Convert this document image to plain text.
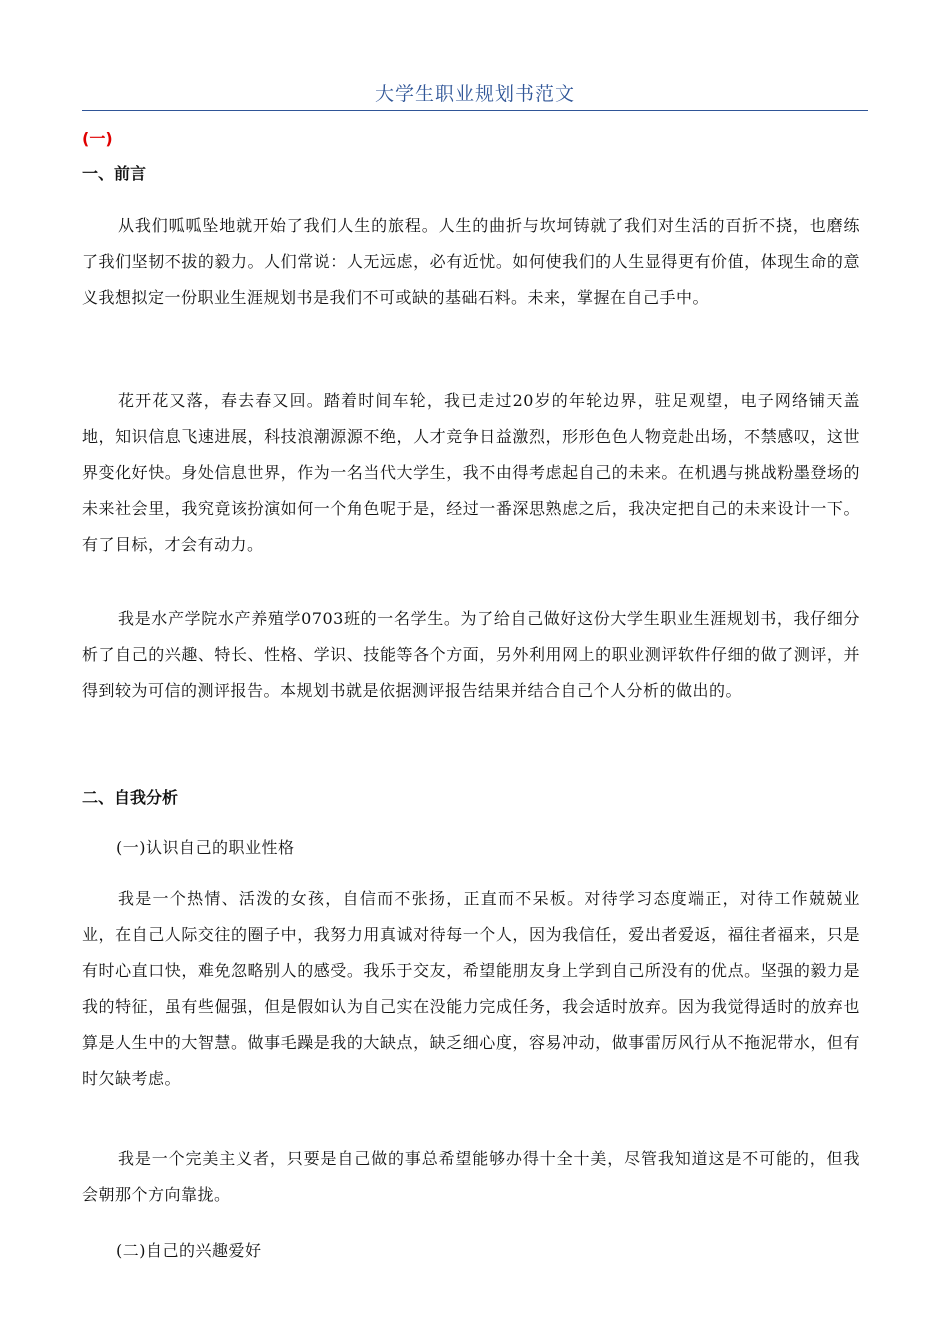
大学生职业规划书范文
(一)
一、前言
从我们呱呱坠地就开始了我们人生的旅程。人生的曲折与坎坷铸就了我们对生活的百折不挠，也磨练了我们坚韧不拔的毅力。人们常说：人无远虑，必有近忧。如何使我们的人生显得更有价值，体现生命的意义我想拟定一份职业生涯规划书是我们不可或缺的基础石料。未来，掌握在自己手中。
花开花又落，春去春又回。踏着时间车轮，我已走过20岁的年轮边界，驻足观望，电子网络铺天盖地，知识信息飞速进展，科技浪潮源源不绝，人才竞争日益激烈，形形色色人物竞赴出场，不禁感叹，这世界变化好快。身处信息世界，作为一名当代大学生，我不由得考虑起自己的未来。在机遇与挑战粉墨登场的未来社会里，我究竟该扮演如何一个角色呢于是，经过一番深思熟虑之后，我决定把自己的未来设计一下。有了目标，才会有动力。
我是水产学院水产养殖学0703班的一名学生。为了给自己做好这份大学生职业生涯规划书，我仔细分析了自己的兴趣、特长、性格、学识、技能等各个方面，另外利用网上的职业测评软件仔细的做了测评，并得到较为可信的测评报告。本规划书就是依据测评报告结果并结合自己个人分析的做出的。
二、自我分析
(一)认识自己的职业性格
我是一个热情、活泼的女孩，自信而不张扬，正直而不呆板。对待学习态度端正，对待工作兢兢业业，在自己人际交往的圈子中，我努力用真诚对待每一个人，因为我信任，爱出者爱返，福往者福来，只是有时心直口快，难免忽略别人的感受。我乐于交友，希望能朋友身上学到自己所没有的优点。坚强的毅力是我的特征，虽有些倔强，但是假如认为自己实在没能力完成任务，我会适时放弃。因为我觉得适时的放弃也算是人生中的大智慧。做事毛躁是我的大缺点，缺乏细心度，容易冲动，做事雷厉风行从不拖泥带水，但有时欠缺考虑。
我是一个完美主义者，只要是自己做的事总希望能够办得十全十美，尽管我知道这是不可能的，但我会朝那个方向靠拢。
(二)自己的兴趣爱好
